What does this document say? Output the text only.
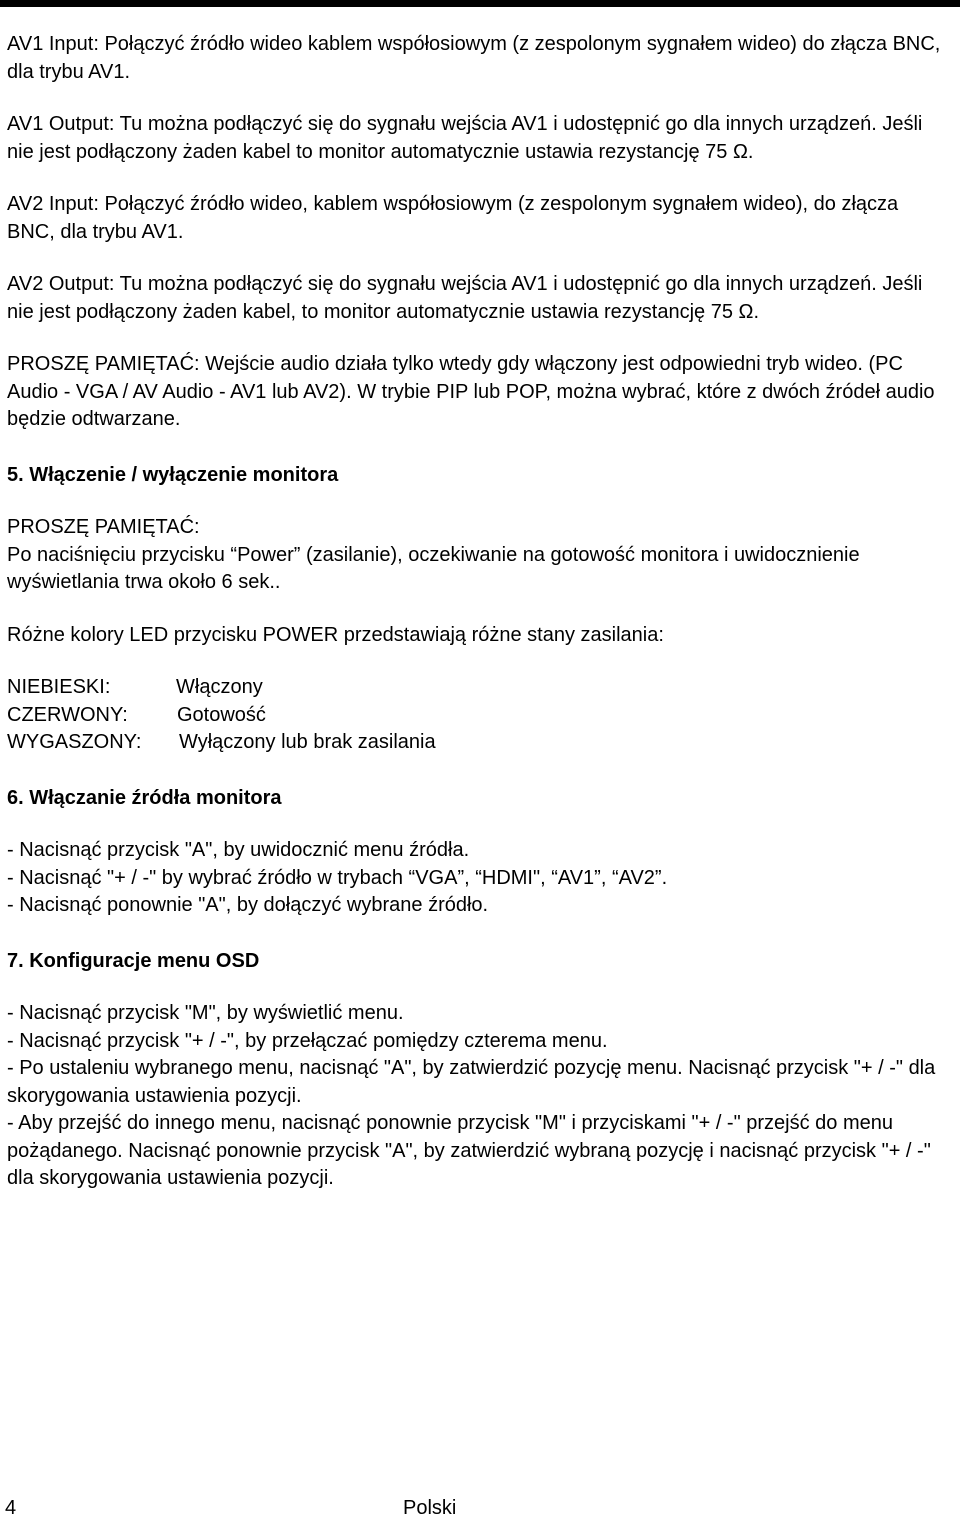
AV1 Input: Połączyć źródło wideo kablem współosiowym (z zespolonym sygnałem wideo) do złącza BNC, dla trybu AV1.

AV1 Output: Tu można podłączyć się do sygnału wejścia AV1 i udostępnić go dla innych urządzeń. Jeśli nie jest podłączony żaden kabel to monitor automatycznie ustawia rezystancję 75 Ω.

AV2 Input: Połączyć źródło wideo, kablem współosiowym (z zespolonym sygnałem wideo), do złącza BNC, dla trybu AV1.

AV2 Output: Tu można podłączyć się do sygnału wejścia AV1 i udostępnić go dla innych urządzeń. Jeśli nie jest podłączony żaden kabel, to monitor automatycznie ustawia rezystancję 75 Ω.

PROSZĘ PAMIĘTAĆ: Wejście audio działa tylko wtedy gdy włączony jest odpowiedni tryb wideo. (PC Audio - VGA / AV Audio - AV1 lub AV2). W trybie PIP lub POP, można wybrać, które z dwóch źródeł audio będzie odtwarzane.

5. Włączenie / wyłączenie monitora

PROSZĘ PAMIĘTAĆ:

Po naciśnięciu przycisku “Power” (zasilanie), oczekiwanie na gotowość monitora i uwidocznienie wyświetlania trwa około 6 sek..

Różne kolory LED przycisku POWER przedstawiają różne stany zasilania:

NIEBIESKI:	Włączony
CZERWONY:	Gotowość
WYGASZONY:	Wyłączony lub brak zasilania

6. Włączanie źródła monitora

- Nacisnąć przycisk "A", by uwidocznić menu źródła.

- Nacisnąć "+ / -" by wybrać źródło w trybach “VGA”, “HDMI", “AV1”, “AV2”.

- Nacisnąć ponownie "A", by dołączyć wybrane źródło.

7. Konfiguracje menu OSD

- Nacisnąć przycisk "M", by wyświetlić menu.

- Nacisnąć przycisk "+ / -", by przełączać pomiędzy czterema menu.

- Po ustaleniu wybranego menu, nacisnąć "A", by zatwierdzić pozycję menu. Nacisnąć przycisk "+ / -" dla skorygowania ustawienia pozycji.

- Aby przejść do innego menu, nacisnąć ponownie przycisk "M" i przyciskami "+ / -" przejść do menu pożądanego. Nacisnąć ponownie przycisk "A", by zatwierdzić wybraną pozycję i nacisnąć przycisk "+ / -" dla skorygowania ustawienia pozycji.

4	Polski
